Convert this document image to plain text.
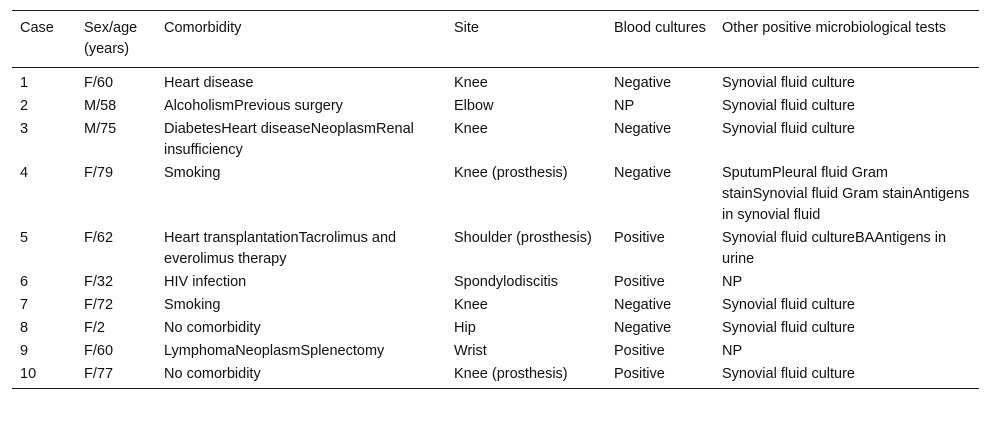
Case	Sex/age (years)	Comorbidity	Site	Blood cultures	Other positive microbiological tests
1	F/60	Heart disease	Knee	Negative	Synovial fluid culture
2	M/58	AlcoholismPrevious surgery	Elbow	NP	Synovial fluid culture
3	M/75	DiabetesHeart diseaseNeoplasmRenal insufficiency	Knee	Negative	Synovial fluid culture
4	F/79	Smoking	Knee (prosthesis)	Negative	SputumPleural fluid Gram stainSynovial fluid Gram stainAntigens in synovial fluid
5	F/62	Heart transplantationTacrolimus and everolimus therapy	Shoulder (prosthesis)	Positive	Synovial fluid cultureBAAntigens in urine
6	F/32	HIV infection	Spondylodiscitis	Positive	NP
7	F/72	Smoking	Knee	Negative	Synovial fluid culture
8	F/2	No comorbidity	Hip	Negative	Synovial fluid culture
9	F/60	LymphomaNeoplasmSplenectomy	Wrist	Positive	NP
10	F/77	No comorbidity	Knee (prosthesis)	Positive	Synovial fluid culture
